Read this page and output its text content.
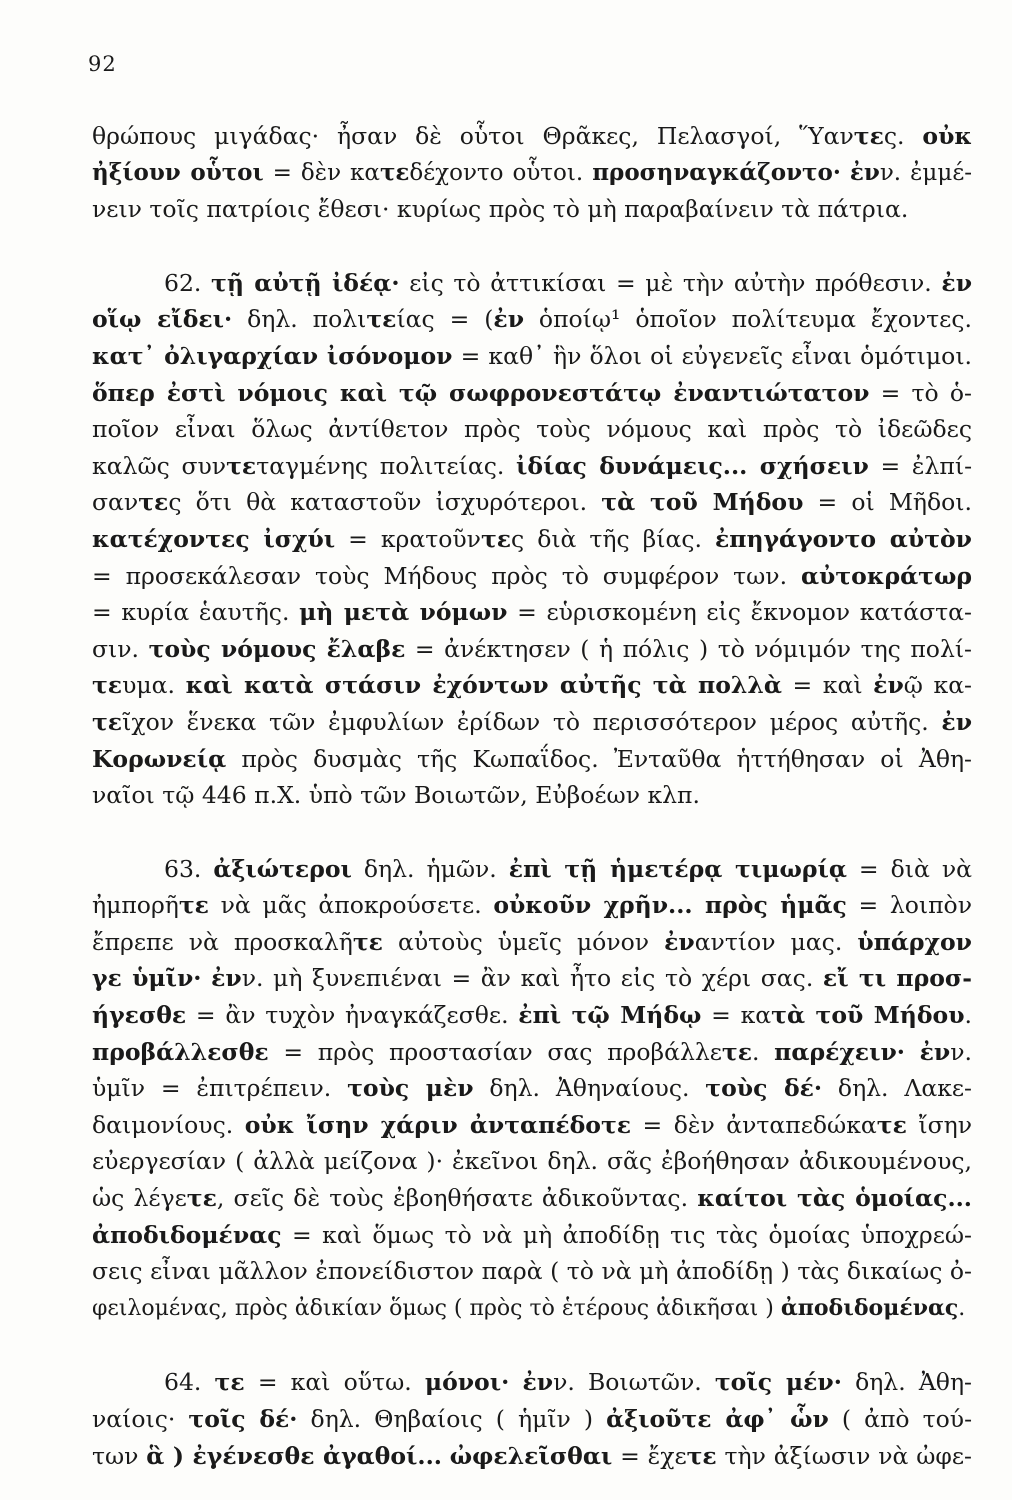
92
θρώπους μιγάδας· ἦσαν δὲ οὗτοι Θρᾶκες, Πελασγοί, Ὕαντες. οὐκ
ἠξίουν οὗτοι = δὲν κατεδέχοντο οὗτοι. προσηναγκάζοντο· ἐνν. ἐμμέ-
νειν τοῖς πατρίοις ἔθεσι· κυρίως πρὸς τὸ μὴ παραβαίνειν τὰ πάτρια.
62. τῇ αὐτῇ ἰδέᾳ· εἰς τὸ ἀττικίσαι = μὲ τὴν αὐτὴν πρόθεσιν. ἐν
οἵῳ εἴδει· δηλ. πολιτείας = (ἐν ὁποίῳ¹ ὁποῖον πολίτευμα ἔχοντες.
κατ᾽ ὀλιγαρχίαν ἰσόνομον = καθ᾽ ἣν ὅλοι οἱ εὐγενεῖς εἶναι ὁμότιμοι.
ὅπερ ἐστὶ νόμοις καὶ τῷ σωφρονεστάτῳ ἐναντιώτατον = τὸ ὁ-
ποῖον εἶναι ὅλως ἀντίθετον πρὸς τοὺς νόμους καὶ πρὸς τὸ ἰδεῶδες
καλῶς συντεταγμένης πολιτείας. ἰδίας δυνάμεις... σχήσειν = ἐλπί-
σαντες ὅτι θὰ καταστοῦν ἰσχυρότεροι. τὰ τοῦ Μήδου = οἱ Μῆδοι.
κατέχοντες ἰσχύι = κρατοῦντες διὰ τῆς βίας. ἐπηγάγοντο αὐτὸν
= προσεκάλεσαν τοὺς Μήδους πρὸς τὸ συμφέρον των. αὐτοκράτωρ
= κυρία ἑαυτῆς. μὴ μετὰ νόμων = εὑρισκομένη εἰς ἔκνομον κατάστα-
σιν. τοὺς νόμους ἔλαβε = ἀνέκτησεν ( ἡ πόλις ) τὸ νόμιμόν της πολί-
τευμα. καὶ κατὰ στάσιν ἐχόντων αὐτῆς τὰ πολλὰ = καὶ ἐνῷ κα-
τεῖχον ἕνεκα τῶν ἐμφυλίων ἐρίδων τὸ περισσότερον μέρος αὐτῆς. ἐν
Κορωνείᾳ πρὸς δυσμὰς τῆς Κωπαΐδος. Ἐνταῦθα ἡττήθησαν οἱ Ἀθη-
ναῖοι τῷ 446 π.Χ. ὑπὸ τῶν Βοιωτῶν, Εὐβοέων κλπ.
63. ἀξιώτεροι δηλ. ἡμῶν. ἐπὶ τῇ ἡμετέρᾳ τιμωρίᾳ = διὰ νὰ
ἠμπορῆτε νὰ μᾶς ἀποκρούσετε. οὐκοῦν χρῆν... πρὸς ἡμᾶς = λοιπὸν
ἔπρεπε νὰ προσκαλῆτε αὐτοὺς ὑμεῖς μόνον ἐναντίον μας. ὑπάρχον
γε ὑμῖν· ἐνν. μὴ ξυνεπιέναι = ἂν καὶ ἦτο εἰς τὸ χέρι σας. εἴ τι προσ-
ήγεσθε = ἂν τυχὸν ἠναγκάζεσθε. ἐπὶ τῷ Μήδῳ = κατὰ τοῦ Μήδου.
προβάλλεσθε = πρὸς προστασίαν σας προβάλλετε. παρέχειν· ἐνν.
ὑμῖν = ἐπιτρέπειν. τοὺς μὲν δηλ. Ἀθηναίους. τοὺς δέ· δηλ. Λακε-
δαιμονίους. οὐκ ἴσην χάριν ἀνταπέδοτε = δὲν ἀνταπεδώκατε ἴσην
εὐεργεσίαν ( ἀλλὰ μείζονα )· ἐκεῖνοι δηλ. σᾶς ἐβοήθησαν ἀδικουμένους,
ὡς λέγετε, σεῖς δὲ τοὺς ἐβοηθήσατε ἀδικοῦντας. καίτοι τὰς ὁμοίας...
ἀποδιδομένας = καὶ ὅμως τὸ νὰ μὴ ἀποδίδῃ τις τὰς ὁμοίας ὑποχρεώ-
σεις εἶναι μᾶλλον ἐπονείδιστον παρὰ ( τὸ νὰ μὴ ἀποδίδῃ ) τὰς δικαίως ὀ-
φειλομένας, πρὸς ἀδικίαν ὅμως ( πρὸς τὸ ἑτέρους ἀδικῆσαι ) ἀποδιδομένας.
64. τε = καὶ οὕτω. μόνοι· ἐνν. Βοιωτῶν. τοῖς μέν· δηλ. Ἀθη-
ναίοις· τοῖς δέ· δηλ. Θηβαίοις ( ἡμῖν ) ἀξιοῦτε ἀφ᾽ ὧν ( ἀπὸ τού-
των ἃ ) ἐγένεσθε ἀγαθοί... ὠφελεῖσθαι = ἔχετε τὴν ἀξίωσιν νὰ ὠφε-
